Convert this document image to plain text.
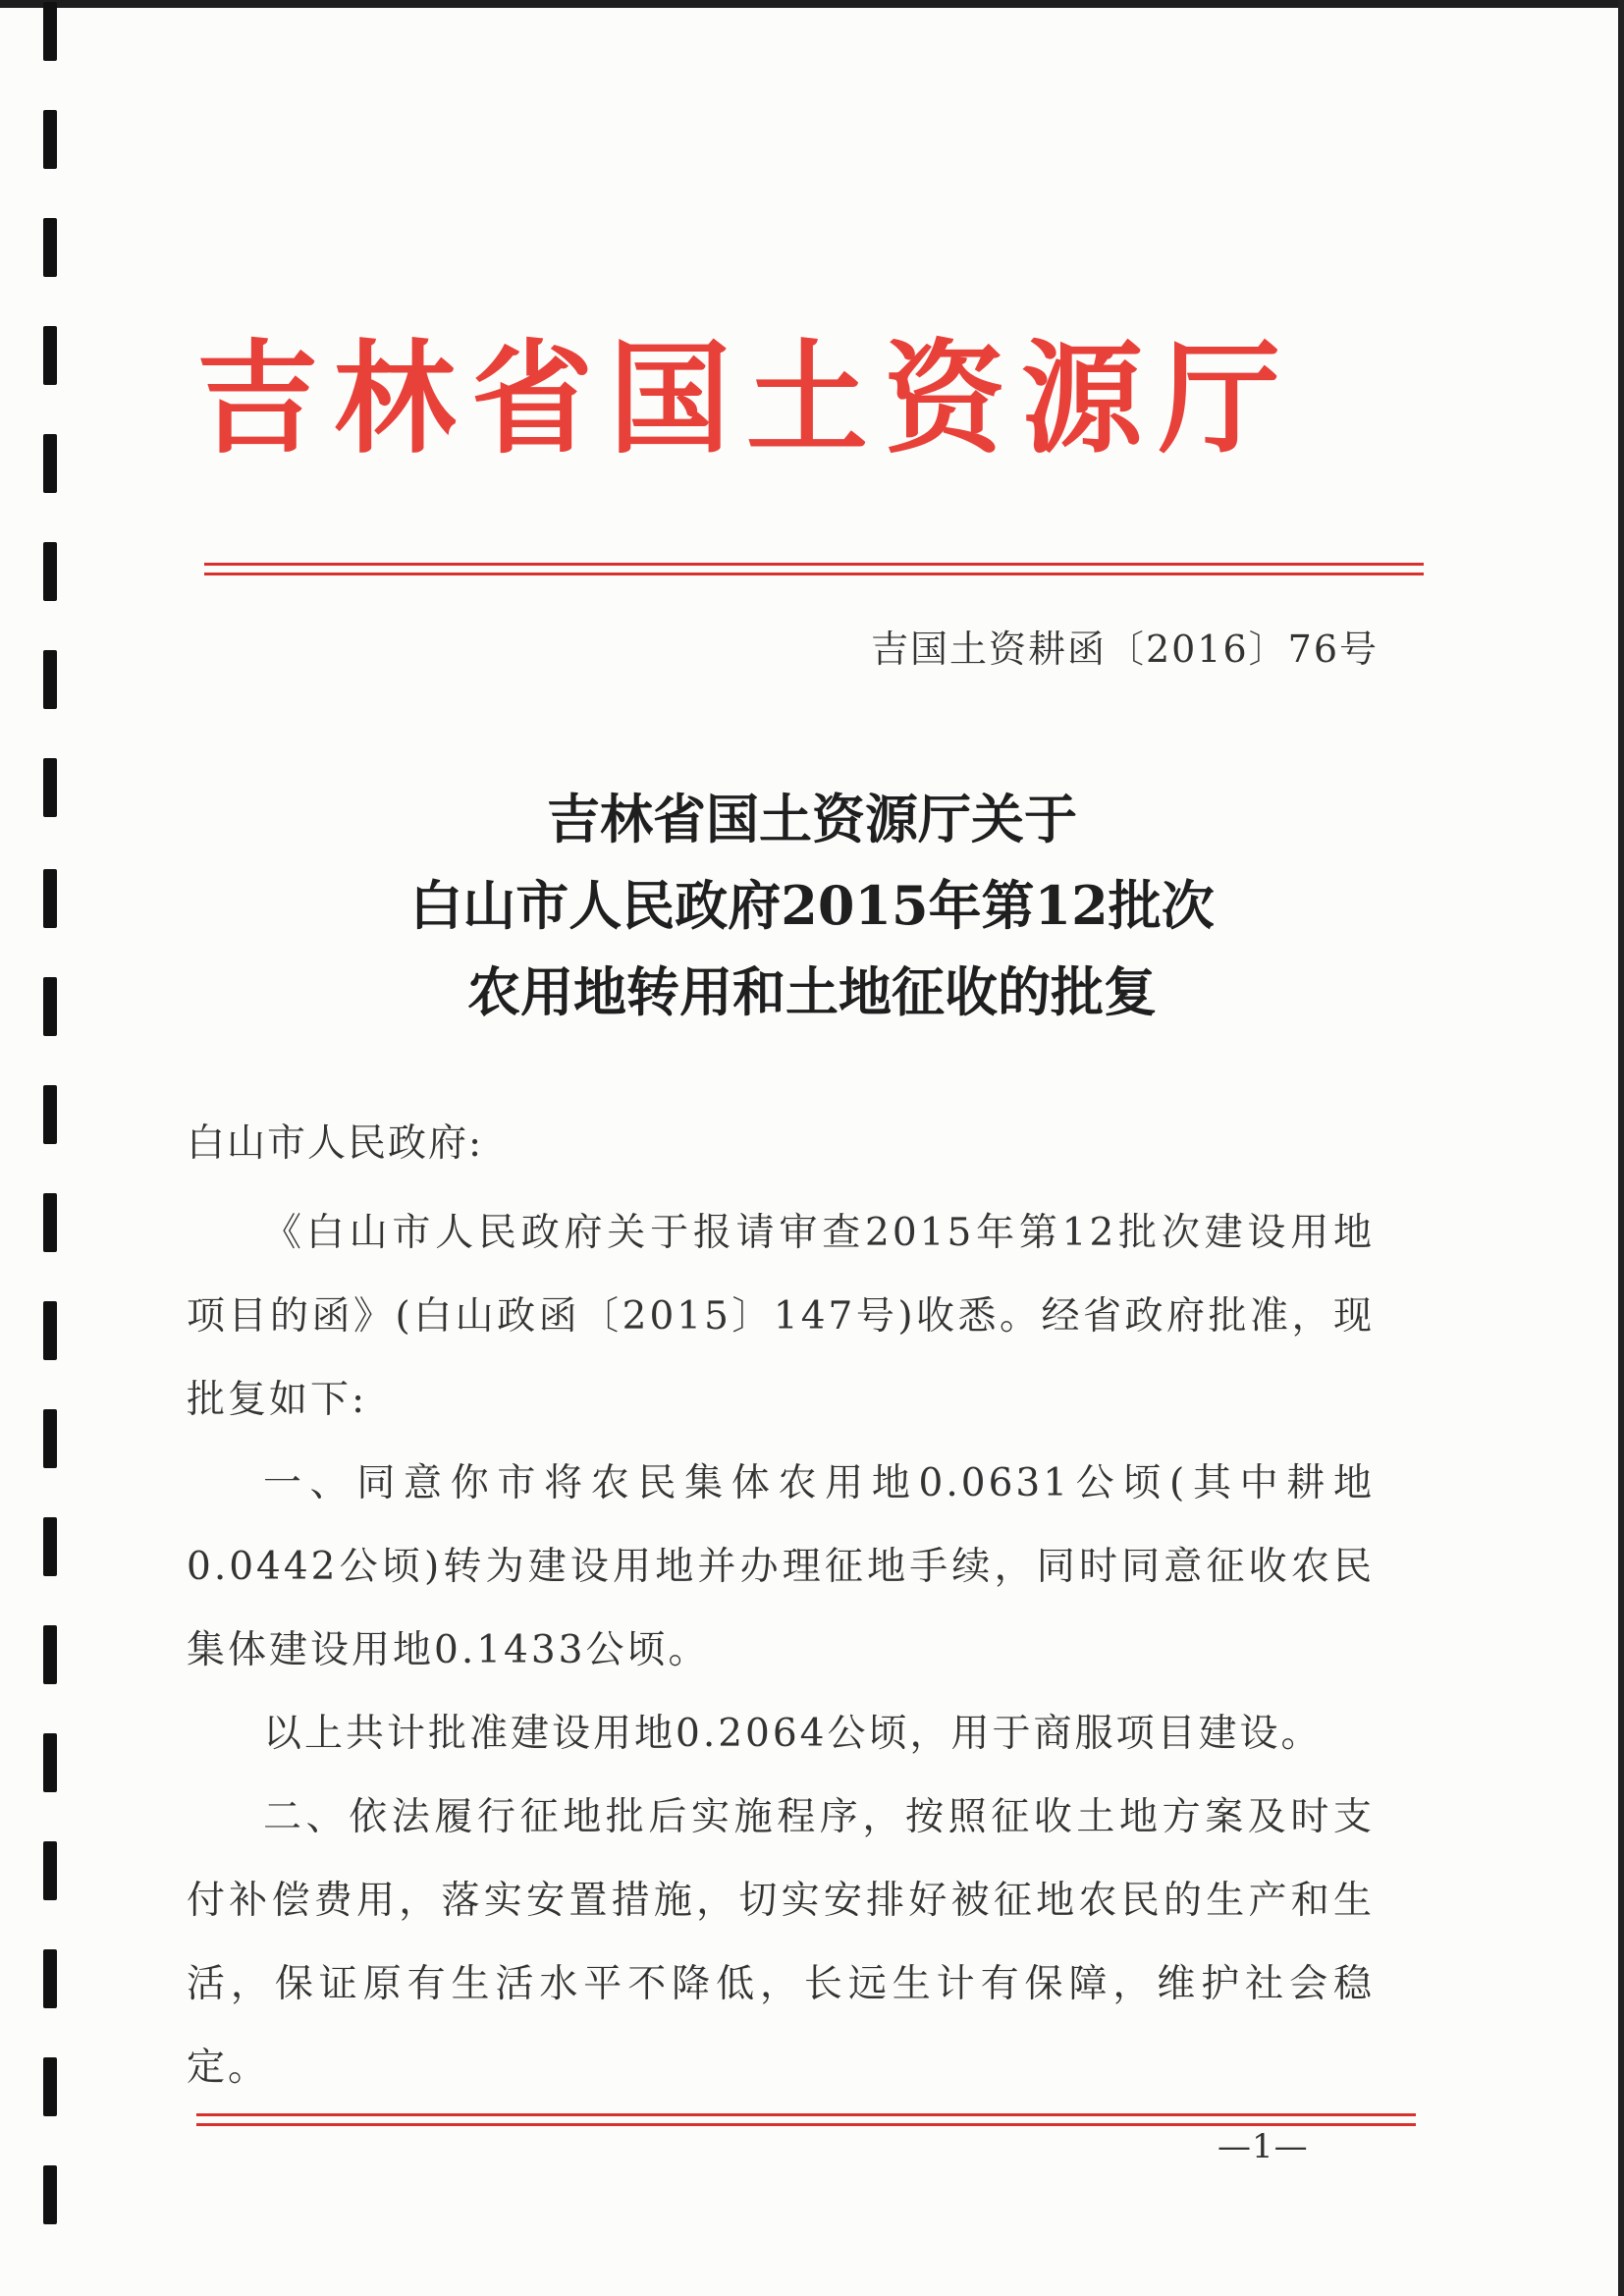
吉林省国土资源厅
吉国土资耕函〔2016〕76号
吉林省国土资源厅关于
白山市人民政府2015年第12批次
农用地转用和土地征收的批复
白山市人民政府:

《白山市人民政府关于报请审查2015年第12批次建设用地项目的函》(白山政函〔2015〕147号)收悉。经省政府批准，现批复如下:

一、同意你市将农民集体农用地0.0631公顷(其中耕地0.0442公顷)转为建设用地并办理征地手续，同时同意征收农民集体建设用地0.1433公顷。

以上共计批准建设用地0.2064公顷，用于商服项目建设。

二、依法履行征地批后实施程序，按照征收土地方案及时支付补偿费用，落实安置措施，切实安排好被征地农民的生产和生活，保证原有生活水平不降低，长远生计有保障，维护社会稳定。

—1—
